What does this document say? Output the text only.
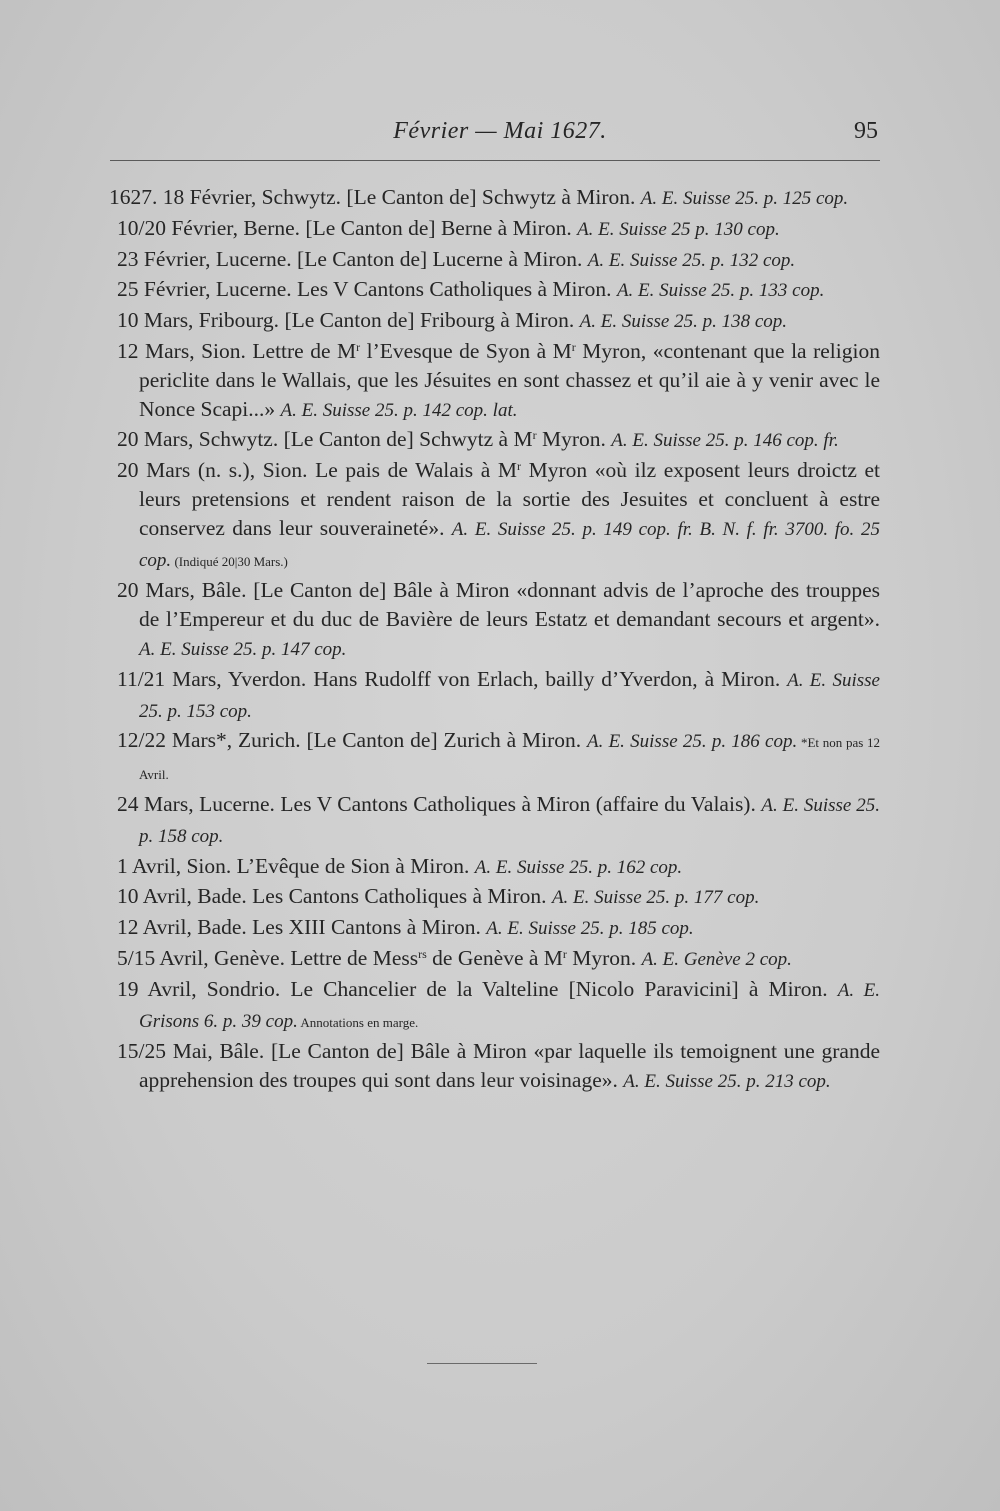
Février — Mai 1627.	95

1627. 18 Février, Schwytz. [Le Canton de] Schwytz à Miron. A. E. Suisse 25. p. 125 cop.

10/20 Février, Berne. [Le Canton de] Berne à Miron. A. E. Suisse 25 p. 130 cop.

23 Février, Lucerne. [Le Canton de] Lucerne à Miron. A. E. Suisse 25. p. 132 cop.

25 Février, Lucerne. Les V Cantons Catholiques à Miron. A. E. Suisse 25. p. 133 cop.

10 Mars, Fribourg. [Le Canton de] Fribourg à Miron. A. E. Suisse 25. p. 138 cop.

12 Mars, Sion. Lettre de $M^r$ l’Evesque de Syon à $M^r$ Myron, «contenant que la religion periclite dans le Wallais, que les Jésuites en sont chassez et qu’il aie à y venir avec le Nonce Scapi...» A. E. Suisse 25. p. 142 cop. lat.

20 Mars, Schwytz. [Le Canton de] Schwytz à $M^r$ Myron. A. E. Suisse 25. p. 146 cop. fr.

20 Mars (n. s.), Sion. Le pais de Walais à $M^r$ Myron «où ilz exposent leurs droictz et leurs pretensions et rendent raison de la sortie des Jesuites et concluent à estre conservez dans leur souveraineté». A. E. Suisse 25. p. 149 cop. fr. B. N. f. fr. 3700. fo. 25 cop. (Indiqué 20|30 Mars.)

20 Mars, Bâle. [Le Canton de] Bâle à Miron «donnant advis de l’aproche des trouppes de l’Empereur et du duc de Bavière de leurs Estatz et demandant secours et argent». A. E. Suisse 25. p. 147 cop.

11/21 Mars, Yverdon. Hans Rudolff von Erlach, bailly d’Yverdon, à Miron. A. E. Suisse 25. p. 153 cop.

12/22 Mars*, Zurich. [Le Canton de] Zurich à Miron. A. E. Suisse 25. p. 186 cop. *Et non pas 12 Avril.

24 Mars, Lucerne. Les V Cantons Catholiques à Miron (affaire du Valais). A. E. Suisse 25. p. 158 cop.

1 Avril, Sion. L’Evêque de Sion à Miron. A. E. Suisse 25. p. 162 cop.

10 Avril, Bade. Les Cantons Catholiques à Miron. A. E. Suisse 25. p. 177 cop.

12 Avril, Bade. Les XIII Cantons à Miron. A. E. Suisse 25. p. 185 cop.

5/15 Avril, Genève. Lettre de Mess$^{rs}$ de Genève à $M^r$ Myron. A. E. Genève 2 cop.

19 Avril, Sondrio. Le Chancelier de la Valteline [Nicolo Paravicini] à Miron. A. E. Grisons 6. p. 39 cop. Annotations en marge.

15/25 Mai, Bâle. [Le Canton de] Bâle à Miron «par laquelle ils temoignent une grande apprehension des troupes qui sont dans leur voisinage». A. E. Suisse 25. p. 213 cop.
